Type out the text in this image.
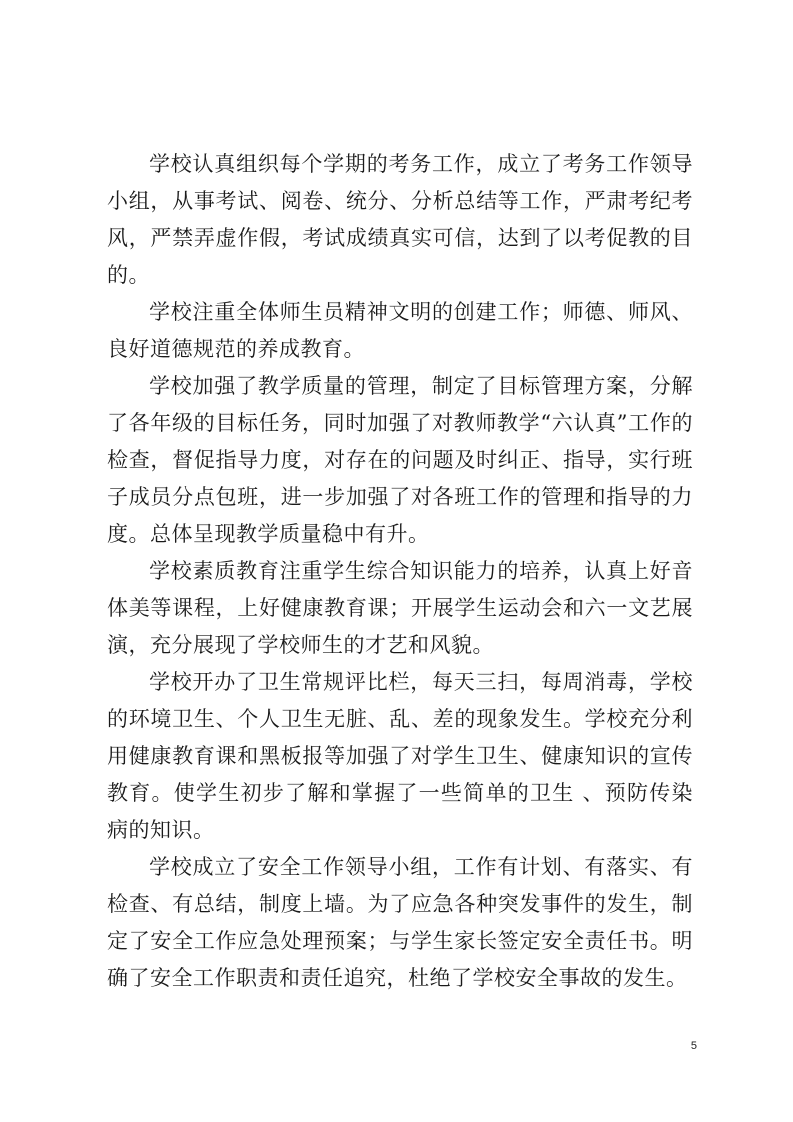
学校认真组织每个学期的考务工作，成立了考务工作领导小组，从事考试、阅卷、统分、分析总结等工作，严肃考纪考风，严禁弄虚作假，考试成绩真实可信，达到了以考促教的目的。

学校注重全体师生员精神文明的创建工作；师德、师风、良好道德规范的养成教育。

学校加强了教学质量的管理，制定了目标管理方案，分解了各年级的目标任务，同时加强了对教师教学“六认真”工作的检查，督促指导力度，对存在的问题及时纠正、指导，实行班子成员分点包班，进一步加强了对各班工作的管理和指导的力度。总体呈现教学质量稳中有升。

学校素质教育注重学生综合知识能力的培养，认真上好音体美等课程，上好健康教育课；开展学生运动会和六一文艺展演，充分展现了学校师生的才艺和风貌。

学校开办了卫生常规评比栏，每天三扫，每周消毒，学校的环境卫生、个人卫生无脏、乱、差的现象发生。学校充分利用健康教育课和黑板报等加强了对学生卫生、健康知识的宣传教育。使学生初步了解和掌握了一些简单的卫生 、预防传染病的知识。

学校成立了安全工作领导小组，工作有计划、有落实、有检查、有总结，制度上墙。为了应急各种突发事件的发生，制定了安全工作应急处理预案；与学生家长签定安全责任书。明确了安全工作职责和责任追究，杜绝了学校安全事故的发生。

5
